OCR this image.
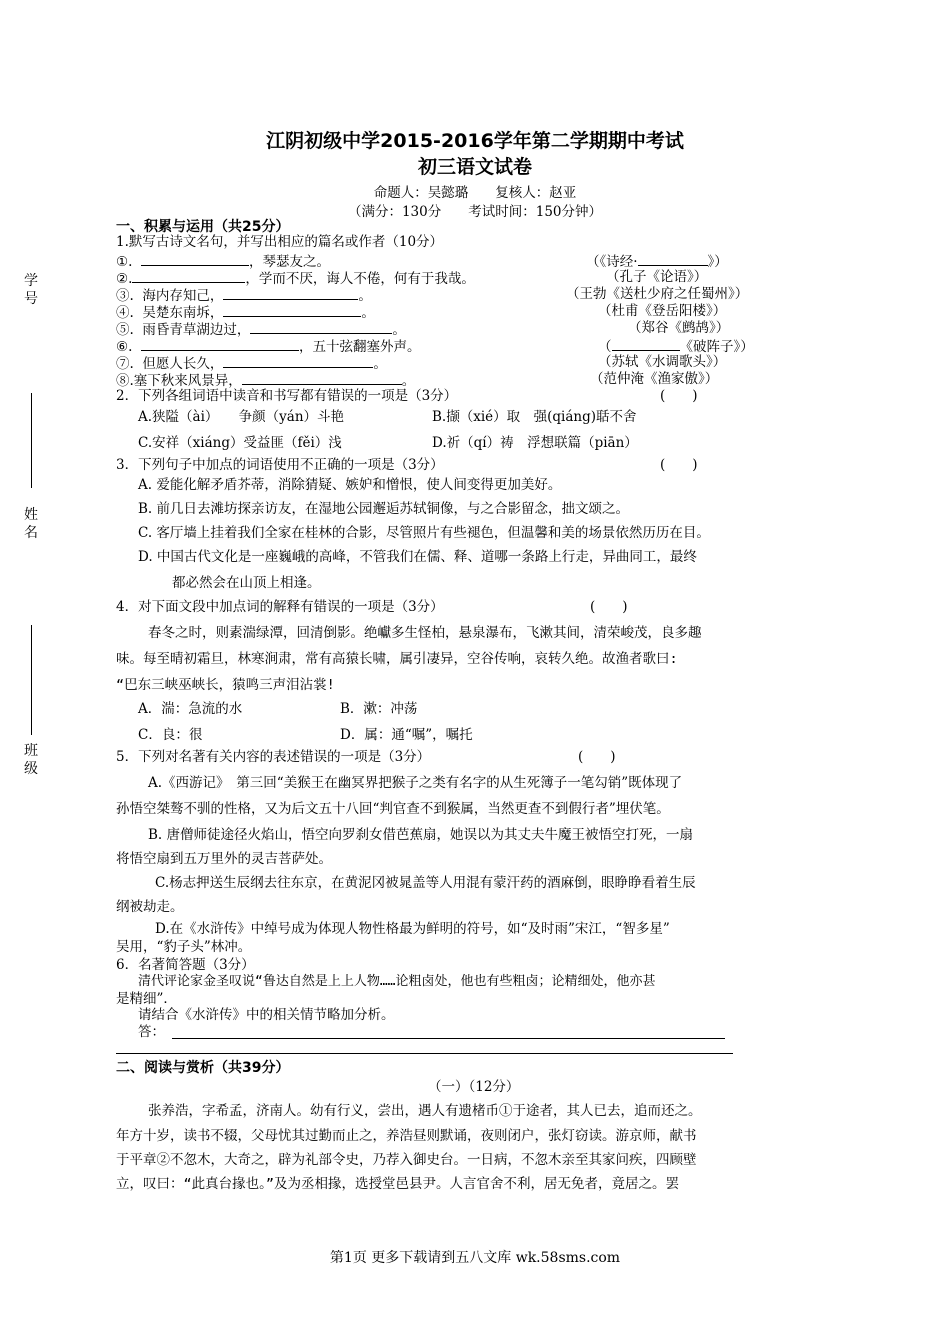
学号
姓名
班级
江阴初级中学2015-2016学年第二学期期中考试
初三语文试卷
命题人：吴懿璐　　复核人：赵亚
（满分：130分　　考试时间：150分钟）
一、积累与运用（共25分）
1.默写古诗文名句，并写出相应的篇名或作者（10分）
①.	，琴瑟友之。	（《诗经·	》）
②.	，学而不厌，诲人不倦，何有于我哉。	（孔子《论语》）
③. 海内存知己，	。	（王勃《送杜少府之任蜀州》）
④. 吴楚东南坼，	。	（杜甫《登岳阳楼》）
⑤. 雨昏青草湖边过，	。	（郑谷《鹧鸪》）
⑥.	，五十弦翻塞外声。	（	《破阵子》）
⑦. 但愿人长久，	。	（苏轼《水调歌头》）
⑧.塞下秋来风景异，	。	（范仲淹《渔家傲》）
2．下列各组词语中读音和书写都有错误的一项是（3分）	(　　)
A.狭隘（ài）　　争颜（yán）斗艳	B.撷（xié）取　强(qiáng)聒不舍
C.安祥（xiáng）受益匪（fěi）浅	D.祈（qí）祷　浮想联篇（piān）
3．下列句子中加点的词语使用不正确的一项是（3分）	(　　)
A. 爱能化解矛盾芥蒂，消除猜疑、嫉妒和憎恨，使人间变得更加美好。
B. 前几日去滩坊探亲访友，在湿地公园邂逅苏轼铜像，与之合影留念，拙文颂之。
C. 客厅墙上挂着我们全家在桂林的合影，尽管照片有些褪色，但温馨和美的场景依然历历在目。
D. 中国古代文化是一座巍峨的高峰，不管我们在儒、释、道哪一条路上行走，异曲同工，最终
都必然会在山顶上相逢。
4．对下面文段中加点词的解释有错误的一项是（3分）	(　　)
春冬之时，则素湍绿潭，回清倒影。绝巘多生怪柏，悬泉瀑布，飞漱其间，清荣峻茂，良多趣
味。每至晴初霜旦，林寒涧肃，常有高猿长啸，属引凄异，空谷传响，哀转久绝。故渔者歌曰:
“巴东三峡巫峡长，猿鸣三声泪沾裳!
A．湍：急流的水	B．漱：冲荡
C．良：很	D．属：通“嘱”，嘱托
5．下列对名著有关内容的表述错误的一项是（3分）	(　　)
A.《西游记》　第三回“美猴王在幽冥界把猴子之类有名字的从生死簿子一笔勾销”既体现了
孙悟空桀骜不驯的性格，又为后文五十八回“判官查不到猴属，当然更查不到假行者”埋伏笔。
B. 唐僧师徒途径火焰山，悟空向罗刹女借芭蕉扇，她误以为其丈夫牛魔王被悟空打死，一扇
将悟空扇到五万里外的灵吉菩萨处。
C.杨志押送生辰纲去往东京，在黄泥冈被晁盖等人用混有蒙汗药的酒麻倒，眼睁睁看着生辰
纲被劫走。
D.在《水浒传》中绰号成为体现人物性格最为鲜明的符号，如“及时雨”宋江，“智多星”
吴用，“豹子头”林冲。
6．名著简答题（3分）
清代评论家金圣叹说“鲁达自然是上上人物……论粗卤处，他也有些粗卤；论精细处，他亦甚
是精细”．
请结合《水浒传》中的相关情节略加分析。
答：
二、阅读与赏析（共39分）
（一）（12分）
张养浩，字希孟，济南人。幼有行义，尝出，遇人有遗楮币①于途者，其人已去，追而还之。
年方十岁，读书不辍，父母忧其过勤而止之，养浩昼则默诵，夜则闭户，张灯窃读。游京师，献书
于平章②不忽木，大奇之，辟为礼部令史，乃荐入御史台。一日病，不忽木亲至其家问疾，四顾壁
立，叹曰：“此真台掾也。”及为丞相掾，选授堂邑县尹。人言官舍不利，居无免者，竟居之。罢
第1页 更多下载请到五八文库 wk.58sms.com
